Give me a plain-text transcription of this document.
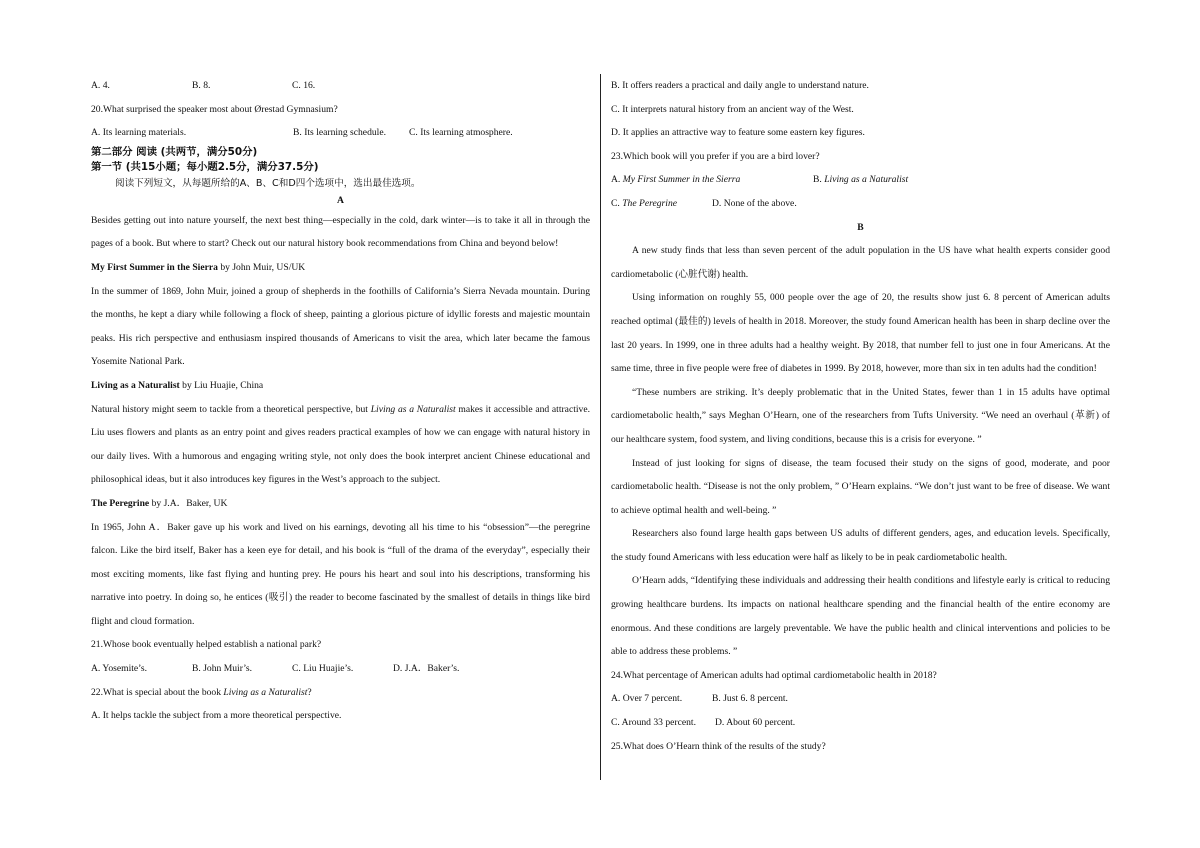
A. 4.	B. 8.	C. 16.

20.What surprised the speaker most about Ørestad Gymnasium?

A. Its learning materials.	B. Its learning schedule.	C. Its learning atmosphere.

第二部分 阅读 (共两节，满分50分)

第一节 (共15小题；每小题2.5分，满分37.5分)

阅读下列短文，从每题所给的A、B、C和D四个选项中，选出最佳选项。

A

Besides getting out into nature yourself, the next best thing—especially in the cold, dark winter—is to take it all in through the pages of a book. But where to start? Check out our natural history book recommendations from China and beyond below!

My First Summer in the Sierra by John Muir, US/UK

In the summer of 1869, John Muir, joined a group of shepherds in the foothills of California’s Sierra Nevada mountain. During the months, he kept a diary while following a flock of sheep, painting a glorious picture of idyllic forests and majestic mountain peaks. His rich perspective and enthusiasm inspired thousands of Americans to visit the area, which later became the famous Yosemite National Park.

Living as a Naturalist by Liu Huajie, China

Natural history might seem to tackle from a theoretical perspective, but Living as a Naturalist makes it accessible and attractive. Liu uses flowers and plants as an entry point and gives readers practical examples of how we can engage with natural history in our daily lives. With a humorous and engaging writing style, not only does the book interpret ancient Chinese educational and philosophical ideas, but it also introduces key figures in the West’s approach to the subject.

The Peregrine by J.A．Baker, UK

In 1965, John A．Baker gave up his work and lived on his earnings, devoting all his time to his “obsession”—the peregrine falcon. Like the bird itself, Baker has a keen eye for detail, and his book is “full of the drama of the everyday”, especially their most exciting moments, like fast flying and hunting prey. He pours his heart and soul into his descriptions, transforming his narrative into poetry. In doing so, he entices (吸引) the reader to become fascinated by the smallest of details in things like bird flight and cloud formation.

21.Whose book eventually helped establish a national park?

A. Yosemite’s.	B. John Muir’s.	C. Liu Huajie’s.	D. J.A．Baker’s.

22.What is special about the book Living as a Naturalist?

A. It helps tackle the subject from a more theoretical perspective.

B. It offers readers a practical and daily angle to understand nature.

C. It interprets natural history from an ancient way of the West.

D. It applies an attractive way to feature some eastern key figures.

23.Which book will you prefer if you are a bird lover?

A. My First Summer in the Sierra	B. Living as a Naturalist
C. The Peregrine	D. None of the above.

B

A new study finds that less than seven percent of the adult population in the US have what health experts consider good cardiometabolic (心脏代谢) health.

Using information on roughly 55, 000 people over the age of 20, the results show just 6. 8 percent of American adults reached optimal (最佳的) levels of health in 2018. Moreover, the study found American health has been in sharp decline over the last 20 years. In 1999, one in three adults had a healthy weight. By 2018, that number fell to just one in four Americans. At the same time, three in five people were free of diabetes in 1999. By 2018, however, more than six in ten adults had the condition!

“These numbers are striking. It’s deeply problematic that in the United States, fewer than 1 in 15 adults have optimal cardiometabolic health,” says Meghan O’Hearn, one of the researchers from Tufts University. “We need an overhaul (革新) of our healthcare system, food system, and living conditions, because this is a crisis for everyone. ”

Instead of just looking for signs of disease, the team focused their study on the signs of good, moderate, and poor cardiometabolic health. “Disease is not the only problem, ” O’Hearn explains. “We don’t just want to be free of disease. We want to achieve optimal health and well-being. ”

Researchers also found large health gaps between US adults of different genders, ages, and education levels. Specifically, the study found Americans with less education were half as likely to be in peak cardiometabolic health.

O’Hearn adds, “Identifying these individuals and addressing their health conditions and lifestyle early is critical to reducing growing healthcare burdens. Its impacts on national healthcare spending and the financial health of the entire economy are enormous. And these conditions are largely preventable. We have the public health and clinical interventions and policies to be able to address these problems. ”

24.What percentage of American adults had optimal cardiometabolic health in 2018?

A. Over 7 percent.	B. Just 6. 8 percent.
C. Around 33 percent.	D. About 60 percent.

25.What does O’Hearn think of the results of the study?
